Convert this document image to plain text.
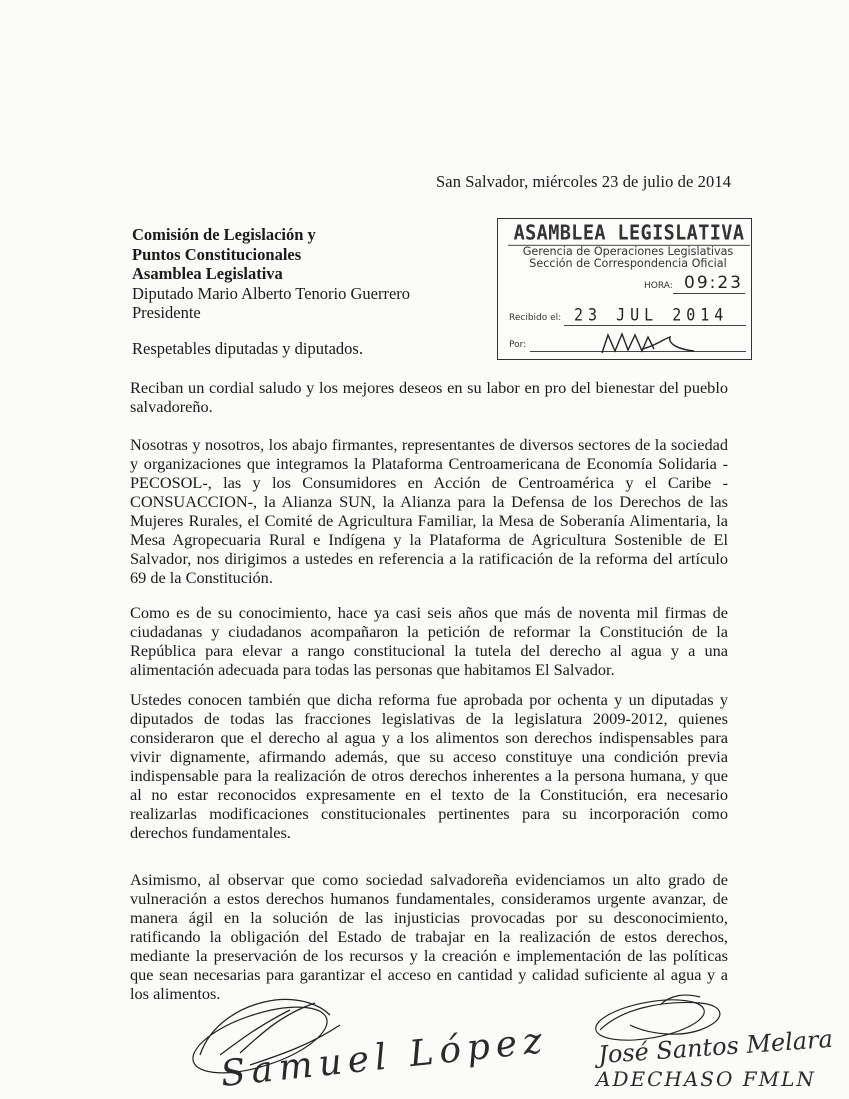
San Salvador, miércoles 23 de julio de 2014
Comisión de Legislación y
Puntos Constitucionales
Asamblea Legislativa
Diputado Mario Alberto Tenorio Guerrero
Presidente
ASAMBLEA LEGISLATIVA
Gerencia de Operaciones Legislativas
Sección de Correspondencia Oficial
HORA: 09:23
Recibido el: 23 JUL 2014
Por:
Respetables diputadas y diputados.
Reciban un cordial saludo y los mejores deseos en su labor en pro del bienestar del pueblo salvadoreño.
Nosotras y nosotros, los abajo firmantes, representantes de diversos sectores de la sociedad y organizaciones que integramos la Plataforma Centroamericana de Economía Solidaria -PECOSOL-, las y los Consumidores en Acción de Centroamérica y el Caribe - CONSUACCION-, la Alianza SUN, la Alianza para la Defensa de los Derechos de las Mujeres Rurales, el Comité de Agricultura Familiar, la Mesa de Soberanía Alimentaria, la Mesa Agropecuaria Rural e Indígena y la Plataforma de Agricultura Sostenible de El Salvador, nos dirigimos a ustedes en referencia a la ratificación de la reforma del artículo 69 de la Constitución.
Como es de su conocimiento, hace ya casi seis años que más de noventa mil firmas de ciudadanas y ciudadanos acompañaron la petición de reformar la Constitución de la República para elevar a rango constitucional la tutela del derecho al agua y a una alimentación adecuada para todas las personas que habitamos El Salvador.
Ustedes conocen también que dicha reforma fue aprobada por ochenta y un diputadas y diputados de todas las fracciones legislativas de la legislatura 2009-2012, quienes consideraron que el derecho al agua y a los alimentos son derechos indispensables para vivir dignamente, afirmando además, que su acceso constituye una condición previa indispensable para la realización de otros derechos inherentes a la persona humana, y que al no estar reconocidos expresamente en el texto de la Constitución, era necesario realizarlas modificaciones constitucionales pertinentes para su incorporación como derechos fundamentales.
Asimismo, al observar que como sociedad salvadoreña evidenciamos un alto grado de vulneración a estos derechos humanos fundamentales, consideramos urgente avanzar, de manera ágil en la solución de las injusticias provocadas por su desconocimiento, ratificando la obligación del Estado de trabajar en la realización de estos derechos, mediante la preservación de los recursos y la creación e implementación de las políticas que sean necesarias para garantizar el acceso en cantidad y calidad suficiente al agua y a los alimentos.
Samuel López José Santos Melara
ADECHASO FMLN
